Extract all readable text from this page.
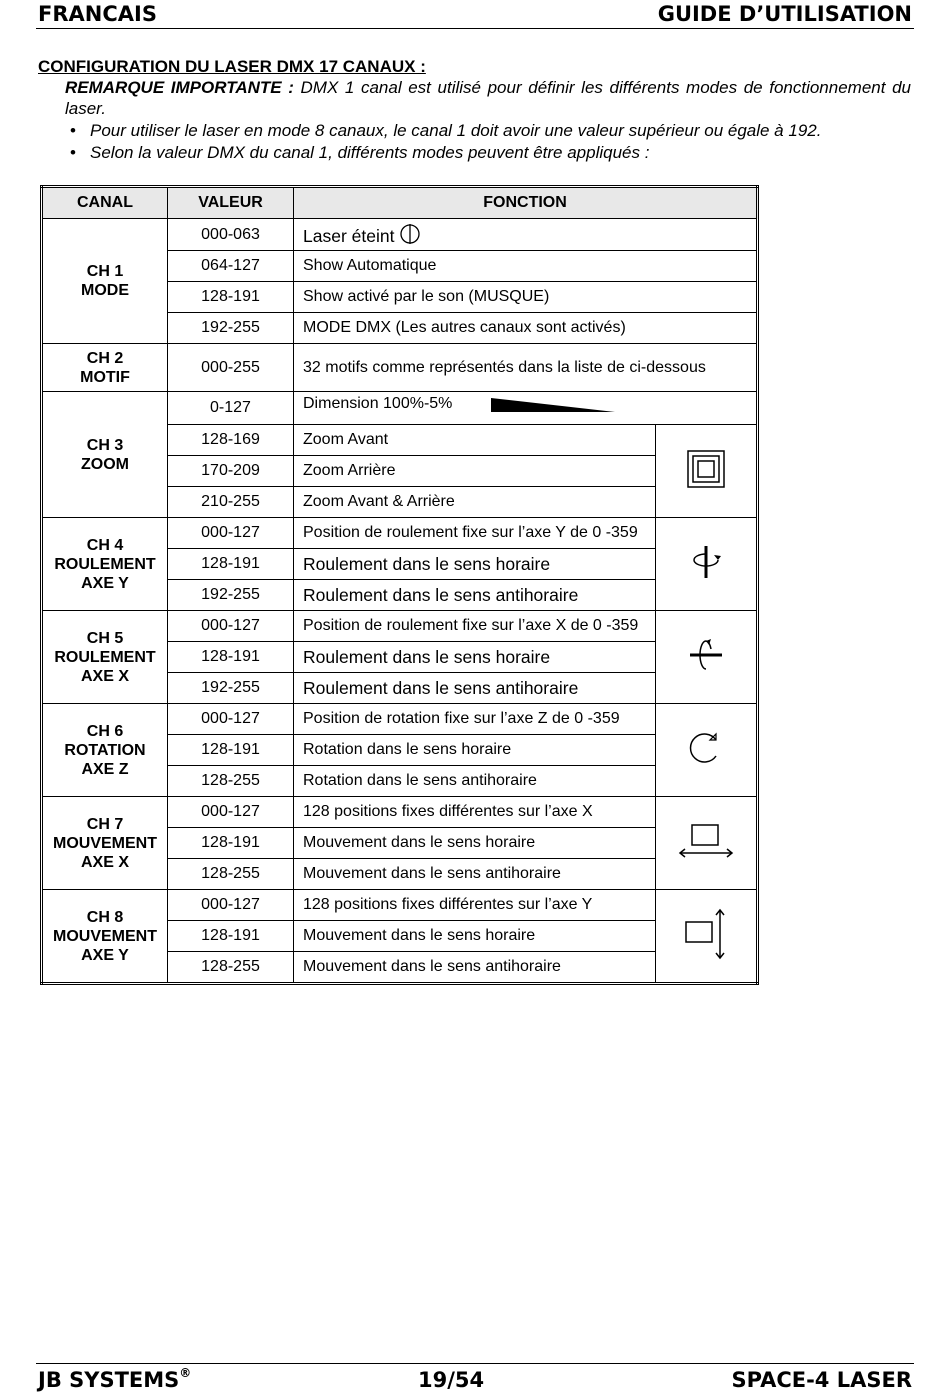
FRANCAIS	GUIDE D’UTILISATION
CONFIGURATION DU LASER DMX 17 CANAUX :
REMARQUE IMPORTANTE : DMX 1 canal est utilisé pour définir les différents modes de fonctionnement du laser.
• Pour utiliser le laser en mode 8 canaux, le canal 1 doit avoir une valeur supérieur ou égale à 192.
• Selon la valeur DMX du canal 1, différents modes peuvent être appliqués :
CANAL	VALEUR	FONCTION	
CH 1
MODE	000-063	Laser éteint	
	064-127	Show Automatique	
	128-191	Show activé par le son (MUSQUE)	
	192-255	MODE DMX (Les autres canaux sont activés)	
CH 2
MOTIF	000-255	32 motifs comme représentés dans la liste de ci-dessous	
CH 3
ZOOM	0-127	Dimension 100%-5%	
	128-169	Zoom Avant	
	170-209	Zoom Arrière	
	210-255	Zoom Avant & Arrière	
CH 4
ROULEMENT
AXE Y	000-127	Position de roulement fixe sur l’axe Y de 0 -359	
	128-191	Roulement dans le sens horaire	
	192-255	Roulement dans le sens antihoraire	
CH 5
ROULEMENT
AXE X	000-127	Position de roulement fixe sur l’axe X de 0 -359	
	128-191	Roulement dans le sens horaire	
	192-255	Roulement dans le sens antihoraire	
CH 6
ROTATION
AXE Z	000-127	Position de rotation fixe sur l’axe Z de 0 -359	
	128-191	Rotation dans le sens horaire	
	128-255	Rotation dans le sens antihoraire	
CH 7
MOUVEMENT
AXE X	000-127	128 positions fixes différentes sur l’axe X	
	128-191	Mouvement dans le sens horaire	
	128-255	Mouvement dans le sens antihoraire	
CH 8
MOUVEMENT
AXE Y	000-127	128 positions fixes différentes sur l’axe Y	
	128-191	Mouvement dans le sens horaire	
	128-255	Mouvement dans le sens antihoraire	
JB SYSTEMS®	19/54	SPACE-4 LASER
